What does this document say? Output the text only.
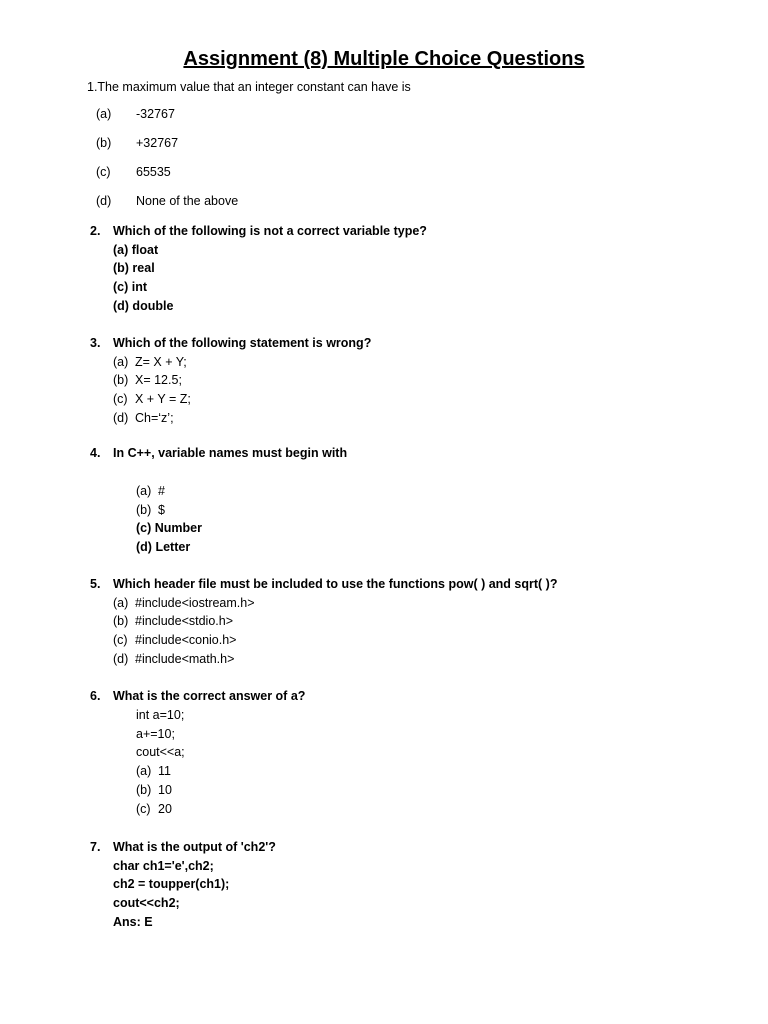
Assignment (8) Multiple Choice Questions
1.The maximum value that an integer constant can have is
(a) -32767
(b) +32767
(c) 65535
(d) None of the above
2. Which of the following is not a correct variable type?
(a) float
(b) real
(c) int
(d) double
3. Which of the following statement is wrong?
(a) Z= X + Y;
(b) X= 12.5;
(c) X + Y = Z;
(d) Ch=‘z’;
4. In C++, variable names must begin with
(a) #
(b) $
(c) Number
(d) Letter
5. Which header file must be included to use the functions pow( ) and sqrt( )?
(a) #include<iostream.h>
(b) #include<stdio.h>
(c) #include<conio.h>
(d) #include<math.h>
6. What is the correct answer of a?
int a=10;
a+=10;
cout<<a;
(a) 11
(b) 10
(c) 20
7. What is the output of 'ch2'?
char ch1='e',ch2;
ch2 = toupper(ch1);
cout<<ch2;
Ans: E
